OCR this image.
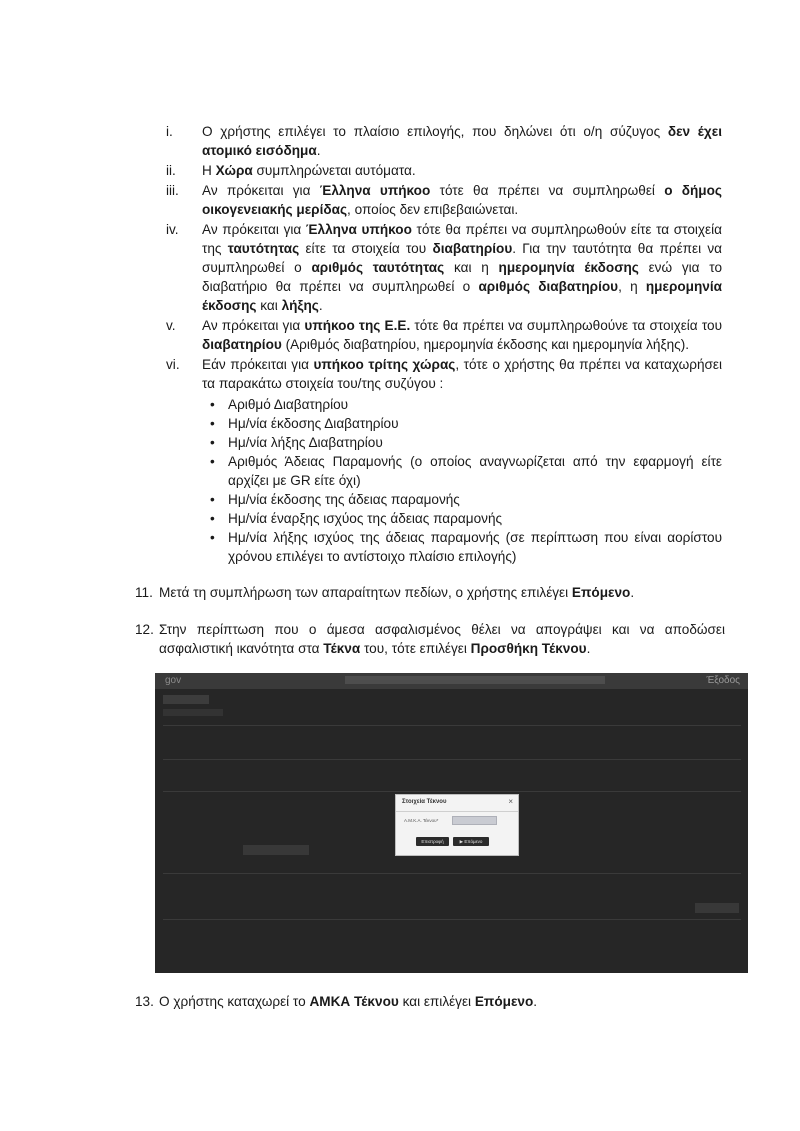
i.	Ο χρήστης επιλέγει το πλαίσιο επιλογής, που δηλώνει ότι ο/η σύζυγος δεν έχει ατομικό εισόδημα.
ii.	Η Χώρα συμπληρώνεται αυτόματα.
iii.	Αν πρόκειται για Έλληνα υπήκοο τότε θα πρέπει να συμπληρωθεί ο δήμος οικογενειακής μερίδας, οποίος δεν επιβεβαιώνεται.
iv.	Αν πρόκειται για Έλληνα υπήκοο τότε θα πρέπει να συμπληρωθούν είτε τα στοιχεία της ταυτότητας είτε τα στοιχεία του διαβατηρίου. Για την ταυτότητα θα πρέπει να συμπληρωθεί ο αριθμός ταυτότητας και η ημερομηνία έκδοσης ενώ για το διαβατήριο θα πρέπει να συμπληρωθεί ο αριθμός διαβατηρίου, η ημερομηνία έκδοσης και λήξης.
v.	Αν πρόκειται για υπήκοο της Ε.Ε. τότε θα πρέπει να συμπληρωθούνε τα στοιχεία του διαβατηρίου (Αριθμός διαβατηρίου, ημερομηνία έκδοσης και ημερομηνία λήξης).
vi.	Εάν πρόκειται για υπήκοο τρίτης χώρας, τότε ο χρήστης θα πρέπει να καταχωρήσει τα παρακάτω στοιχεία του/της συζύγου :
• Αριθμό Διαβατηρίου
• Ημ/νία έκδοσης Διαβατηρίου
• Ημ/νία λήξης Διαβατηρίου
• Αριθμός Άδειας Παραμονής (ο οποίος αναγνωρίζεται από την εφαρμογή είτε αρχίζει με GR είτε όχι)
• Ημ/νία έκδοσης της άδειας παραμονής
• Ημ/νία έναρξης ισχύος της άδειας παραμονής
• Ημ/νία λήξης ισχύος της άδειας παραμονής (σε περίπτωση που είναι αορίστου χρόνου επιλέγει το αντίστοιχο πλαίσιο επιλογής)
11. Μετά τη συμπλήρωση των απαραίτητων πεδίων, ο χρήστης επιλέγει Επόμενο.
12. Στην περίπτωση που ο άμεσα ασφαλισμένος θέλει να απογράψει και να αποδώσει ασφαλιστική ικανότητα στα Τέκνα του, τότε επιλέγει Προσθήκη Τέκνου.
gov	Έξοδος
Στοιχεία Τέκνου	×
Α.Μ.Κ.Α. Τέκνου*
Επιστροφή	▶ Επόμενο
13. Ο χρήστης καταχωρεί το ΑΜΚΑ Τέκνου και επιλέγει Επόμενο.
